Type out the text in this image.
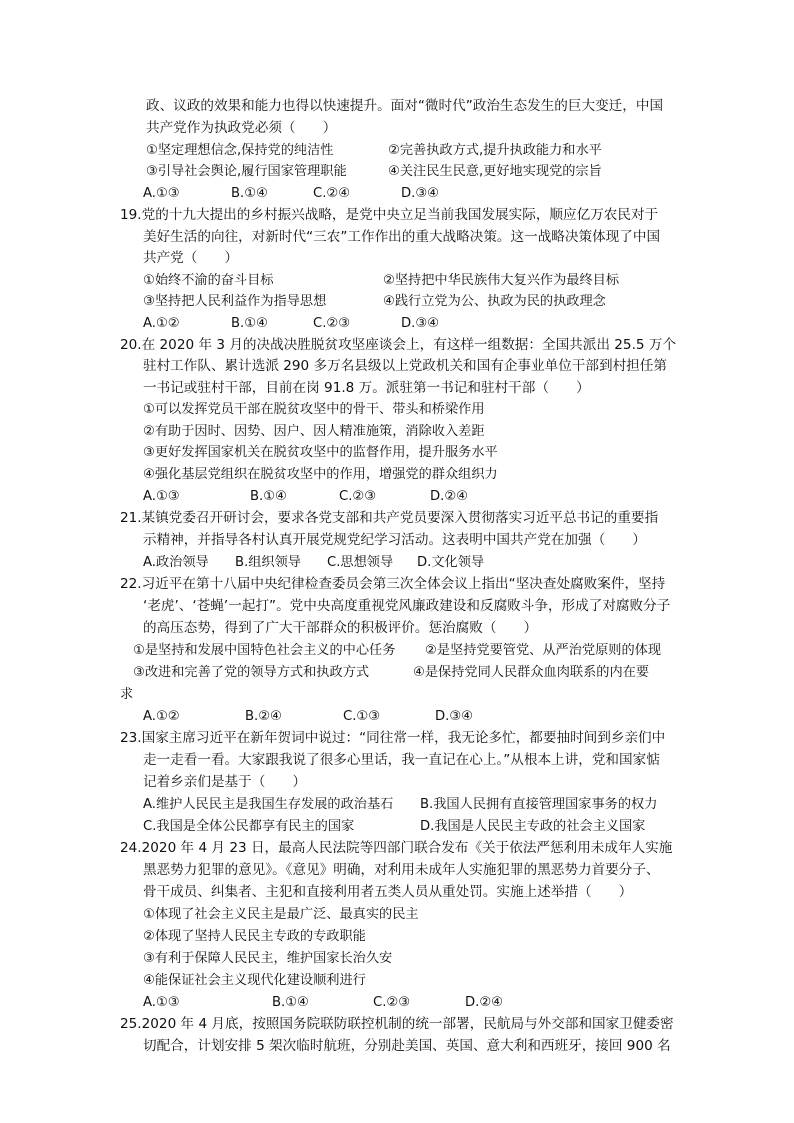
政、议政的效果和能力也得以快速提升。面对“微时代”政治生态发生的巨大变迁，中国
共产党作为执政党必须（　　）
①坚定理想信念,保持党的纯洁性	②完善执政方式,提升执政能力和水平
③引导社会舆论,履行国家管理职能	④关注民生民意,更好地实现党的宗旨
A.①③	B.①④	C.②④	D.③④
19.党的十九大提出的乡村振兴战略，是党中央立足当前我国发展实际，顺应亿万农民对于
美好生活的向往，对新时代“三农”工作作出的重大战略决策。这一战略决策体现了中国
共产党（　　）
①始终不渝的奋斗目标	②坚持把中华民族伟大复兴作为最终目标
③坚持把人民利益作为指导思想	④践行立党为公、执政为民的执政理念
A.①②	B.①④	C.②③	D.③④
20.在 2020 年 3 月的决战决胜脱贫攻坚座谈会上，有这样一组数据：全国共派出 25.5 万个
驻村工作队、累计选派 290 多万名县级以上党政机关和国有企事业单位干部到村担任第
一书记或驻村干部，目前在岗 91.8 万。派驻第一书记和驻村干部（　　）
①可以发挥党员干部在脱贫攻坚中的骨干、带头和桥梁作用
②有助于因时、因势、因户、因人精准施策，消除收入差距
③更好发挥国家机关在脱贫攻坚中的监督作用，提升服务水平
④强化基层党组织在脱贫攻坚中的作用，增强党的群众组织力
A.①③	B.①④	C.②③	D.②④
21.某镇党委召开研讨会，要求各党支部和共产党员要深入贯彻落实习近平总书记的重要指
示精神，并指导各村认真开展党规党纪学习活动。这表明中国共产党在加强（　　）
A.政治领导 B.组织领导 C.思想领导 D.文化领导
22.习近平在第十八届中央纪律检查委员会第三次全体会议上指出“坚决查处腐败案件，坚持
‘老虎’、‘苍蝇’一起打”。党中央高度重视党风廉政建设和反腐败斗争，形成了对腐败分子
的高压态势，得到了广大干部群众的积极评价。惩治腐败（　　）
①是坚持和发展中国特色社会主义的中心任务 ②是坚持党要管党、从严治党原则的体现
③改进和完善了党的领导方式和执政方式	④是保持党同人民群众血肉联系的内在要
求
A.①②	B.②④	C.①③	D.③④
23.国家主席习近平在新年贺词中说过：“同往常一样，我无论多忙，都要抽时间到乡亲们中
走一走看一看。大家跟我说了很多心里话，我一直记在心上。”从根本上讲，党和国家惦
记着乡亲们是基于（　　）
A.维护人民民主是我国生存发展的政治基石 B.我国人民拥有直接管理国家事务的权力
C.我国是全体公民都享有民主的国家	D.我国是人民民主专政的社会主义国家
24.2020 年 4 月 23 日，最高人民法院等四部门联合发布《关于依法严惩利用未成年人实施
黑恶势力犯罪的意见》。《意见》明确，对利用未成年人实施犯罪的黑恶势力首要分子、
骨干成员、纠集者、主犯和直接利用者五类人员从重处罚。实施上述举措（　　）
①体现了社会主义民主是最广泛、最真实的民主
②体现了坚持人民民主专政的专政职能
③有利于保障人民民主，维护国家长治久安
④能保证社会主义现代化建设顺利进行
A.①③	B.①④	C.②③	D.②④
25.2020 年 4 月底，按照国务院联防联控机制的统一部署，民航局与外交部和国家卫健委密
切配合，计划安排 5 架次临时航班，分别赴美国、英国、意大利和西班牙，接回 900 名
